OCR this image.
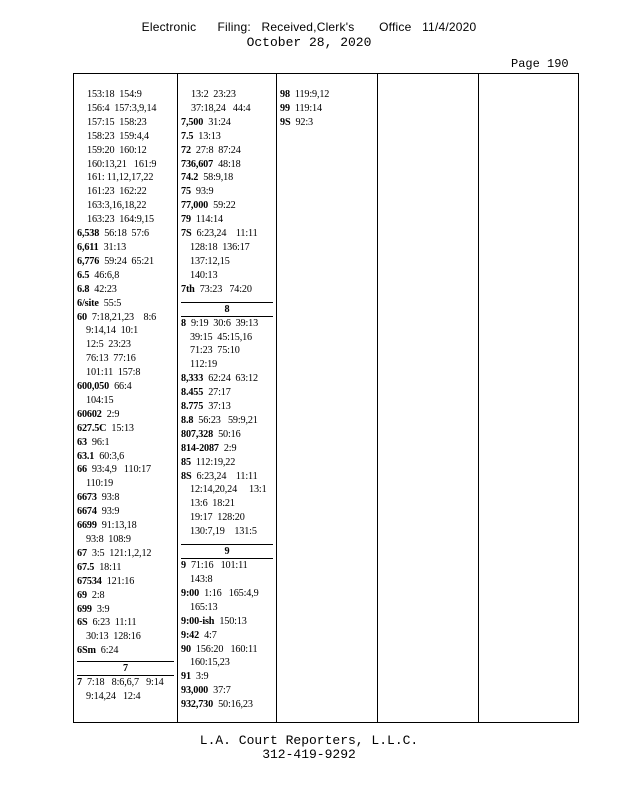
Electronic      Filing:   Received,Clerk's       Office   11/4/2020
October 28, 2020
Page 190
153:18  154:9
156:4  157:3,9,14
157:15  158:23
158:23  159:4,4
159:20  160:12
160:13,21   161:9
161: 11,12,17,22
161:23  162:22
163:3,16,18,22
163:23  164:9,15
6,538 56:18  57:6
6,611 31:13
6,776 59:24  65:21
6.5 46:6,8
6.8 42:23
6/site 55:5
60 7:18,21,23    8:6
9:14,14  10:1
12:5  23:23
76:13  77:16
101:11  157:8
600,050 66:4
104:15
60602 2:9
627.5C 15:13
63 96:1
63.1 60:3,6
66 93:4,9   110:17
110:19
6673 93:8
6674 93:9
6699 91:13,18
93:8  108:9
67 3:5  121:1,2,12
67.5 18:11
67534 121:16
69 2:8
699 3:9
6S 6:23  11:11
30:13  128:16
6Sm 6:24
7
7 7:18   8:6,6,7   9:14
9:14,24   12:4
13:2  23:23
37:18,24   44:4
7,500 31:24
7.5 13:13
72 27:8  87:24
736,607 48:18
74.2 58:9,18
75 93:9
77,000 59:22
79 114:14
7S 6:23,24    11:11
128:18  136:17
137:12,15
140:13
7th 73:23   74:20
8
8 9:19  30:6  39:13
39:15  45:15,16
71:23  75:10
112:19
8,333 62:24  63:12
8.455 27:17
8.775 37:13
8.8 56:23   59:9,21
807,328 50:16
814-2087 2:9
85 112:19,22
8S 6:23,24    11:11
12:14,20,24     13:1
13:6  18:21
19:17  128:20
130:7,19    131:5
9
9 71:16   101:11
143:8
9:00 1:16   165:4,9
165:13
9:00-ish 150:13
9:42 4:7
90 156:20   160:11
160:15,23
91 3:9
93,000 37:7
932,730 50:16,23
98 119:9,12
99 119:14
9S 92:3
L.A. Court Reporters, L.L.C.
312-419-9292
